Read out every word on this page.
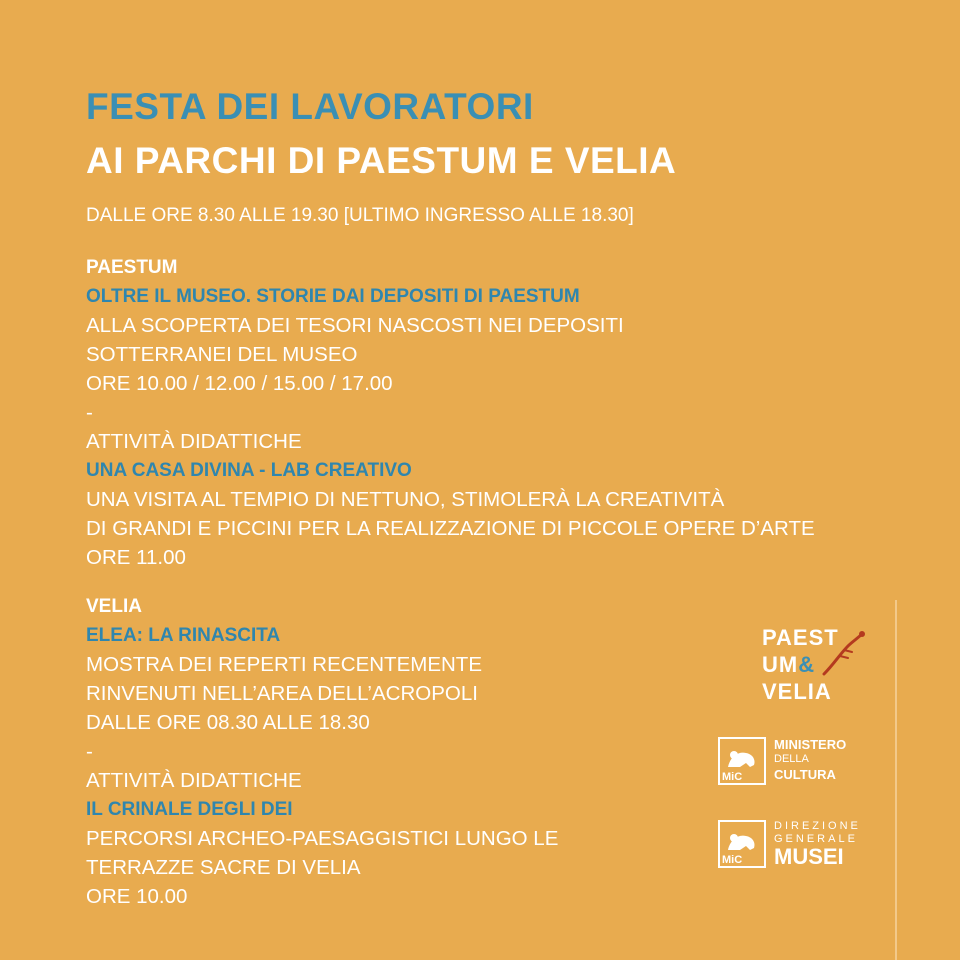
FESTA DEI LAVORATORI
AI PARCHI DI PAESTUM E VELIA
DALLE ORE 8.30 ALLE 19.30 [ULTIMO INGRESSO ALLE 18.30]
PAESTUM
OLTRE IL MUSEO. STORIE DAI DEPOSITI DI PAESTUM
ALLA SCOPERTA DEI TESORI NASCOSTI NEI DEPOSITI
SOTTERRANEI DEL MUSEO
ORE 10.00 / 12.00 / 15.00 / 17.00
-
ATTIVITÀ DIDATTICHE
UNA CASA DIVINA - LAB CREATIVO
UNA VISITA AL TEMPIO DI NETTUNO, STIMOLERÀ LA CREATIVITÀ
DI GRANDI E PICCINI PER LA REALIZZAZIONE DI PICCOLE OPERE D’ARTE
ORE 11.00
VELIA
ELEA: LA RINASCITA
MOSTRA DEI REPERTI RECENTEMENTE
RINVENUTI NELL’AREA DELL’ACROPOLI
DALLE ORE 08.30 ALLE 18.30
-
ATTIVITÀ DIDATTICHE
IL CRINALE DEGLI DEI
PERCORSI ARCHEO-PAESAGGISTICI LUNGO LE
TERRAZZE SACRE DI VELIA
ORE 10.00
PAEST
UM&
VELIA
MiC
MINISTERO
DELLA
CULTURA
MiC
DIREZIONE
GENERALE
MUSEI
